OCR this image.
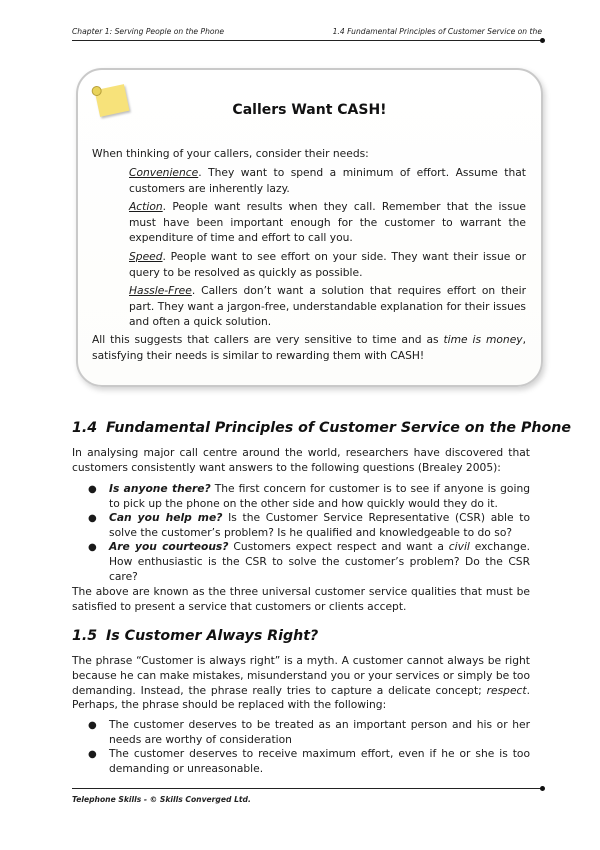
Chapter 1: Serving People on the Phone	1.4 Fundamental Principles of Customer Service on the
Callers Want CASH!
When thinking of your callers, consider their needs:
Convenience. They want to spend a minimum of effort. Assume that customers are inherently lazy.
Action. People want results when they call. Remember that the issue must have been important enough for the customer to warrant the expenditure of time and effort to call you.
Speed. People want to see effort on your side. They want their issue or query to be resolved as quickly as possible.
Hassle-Free. Callers don’t want a solution that requires effort on their part. They want a jargon-free, understandable explanation for their issues and often a quick solution.
All this suggests that callers are very sensitive to time and as time is money, satisfying their needs is similar to rewarding them with CASH!
1.4 Fundamental Principles of Customer Service on the Phone
In analysing major call centre around the world, researchers have discovered that customers consistently want answers to the following questions (Brealey 2005):
● Is anyone there? The first concern for customer is to see if anyone is going to pick up the phone on the other side and how quickly would they do it.
● Can you help me? Is the Customer Service Representative (CSR) able to solve the customer’s problem? Is he qualified and knowledgeable to do so?
● Are you courteous? Customers expect respect and want a civil exchange. How enthusiastic is the CSR to solve the customer’s problem? Do the CSR care?
The above are known as the three universal customer service qualities that must be satisfied to present a service that customers or clients accept.
1.5 Is Customer Always Right?
The phrase “Customer is always right” is a myth. A customer cannot always be right because he can make mistakes, misunderstand you or your services or simply be too demanding. Instead, the phrase really tries to capture a delicate concept; respect. Perhaps, the phrase should be replaced with the following:
● The customer deserves to be treated as an important person and his or her needs are worthy of consideration
● The customer deserves to receive maximum effort, even if he or she is too demanding or unreasonable.
Telephone Skills - © Skills Converged Ltd.
